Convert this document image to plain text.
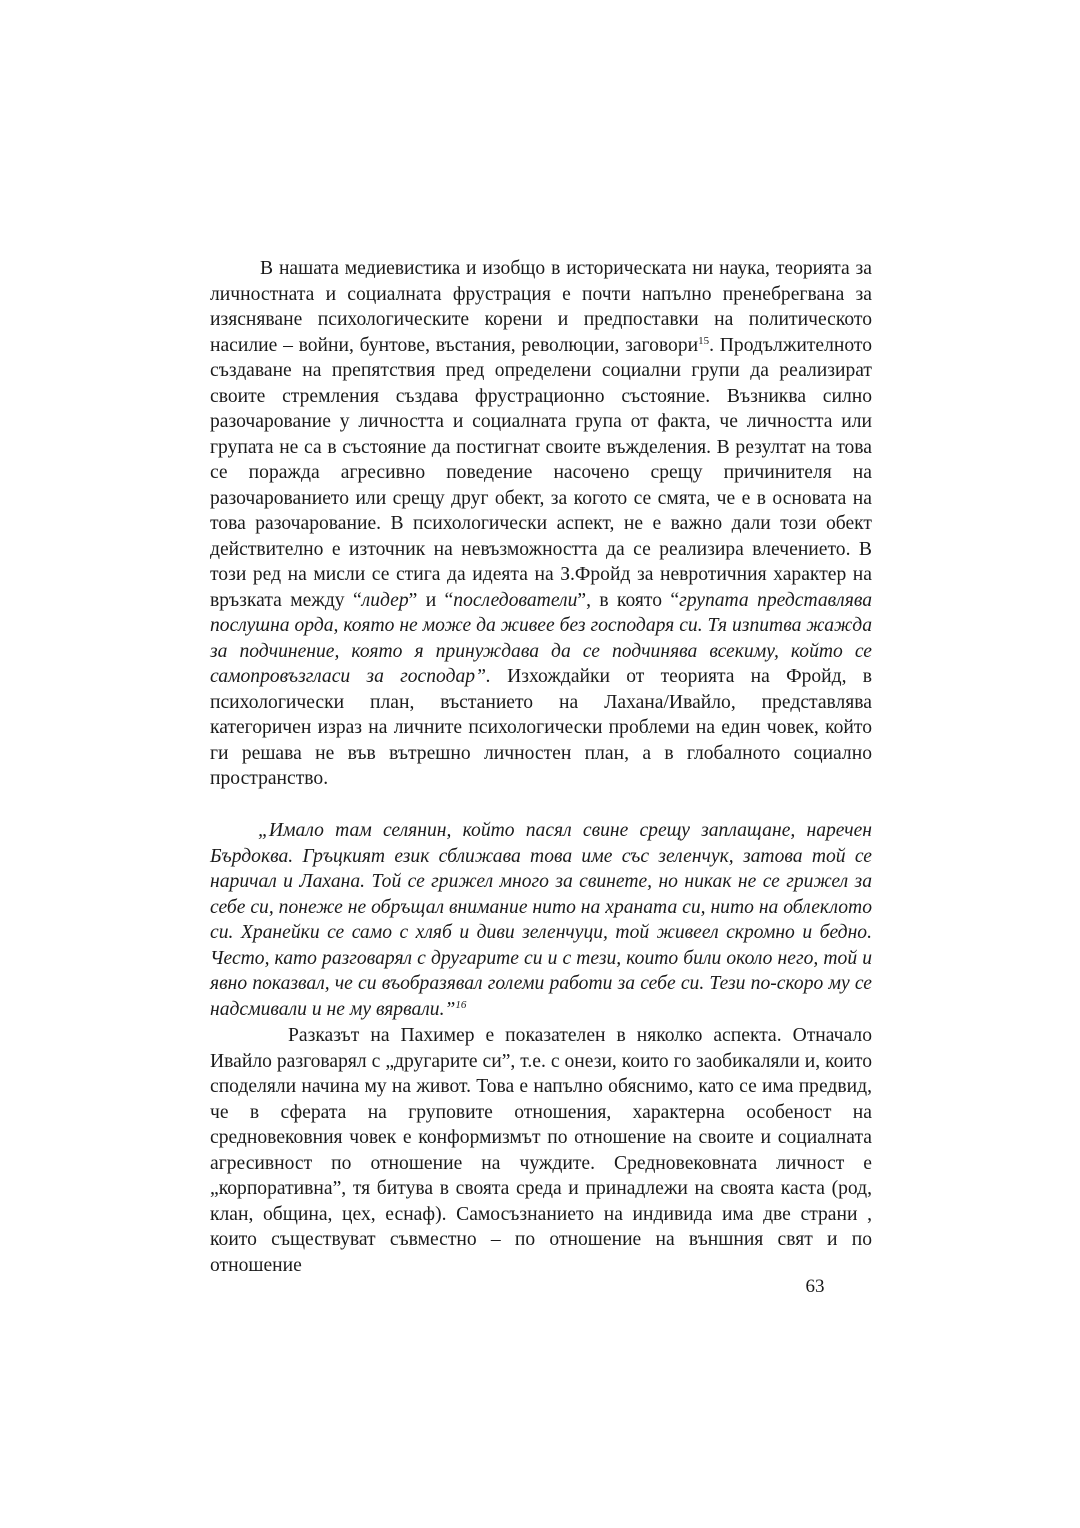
В нашата медиевистика и изобщо в историческата ни наука, теорията за личностната и социалната фрустрация е почти напълно пренебрегвана за изясняване психологическите корени и предпоставки на политическото насилие – войни, бунтове, въстания, революции, заговори$^{15}$. Продължителното създаване на препятствия пред определени социални групи да реализират своите стремления създава фрустрационно състояние. Възниква силно разочарование у личността и социалната група от факта, че личността или групата не са в състояние да постигнат своите въжделения. В резултат на това се поражда агресивно поведение насочено срещу причинителя на разочарованието или срещу друг обект, за когото се смята, че е в основата на това разочарование. В психологически аспект, не е важно дали този обект действително е източник на невъзможността да се реализира влечението. В този ред на мисли се стига да идеята на З.Фройд за невротичния характер на връзката между “лидер” и “последователи”, в която “групата представлява послушна орда, която не може да живее без господаря си. Тя изпитва жажда за подчинение, която я принуждава да се подчинява всекиму, който се самопровъзгласи за господар”. Изхождайки от теорията на Фройд, в психологически план, въстанието на Лахана/Ивайло, представлява категоричен израз на личните психологически проблеми на един човек, който ги решава не във вътрешно личностен план, а в глобалното социално пространство.

„Имало там селянин, който пасял свине срещу заплащане, наречен Бърдоква. Гръцкият език сближава това име със зеленчук, затова той се наричал и Лахана. Той се грижел много за свинете, но никак не се грижел за себе си, понеже не обръщал внимание нито на храната си, нито на облеклото си. Хранейки се само с хляб и диви зеленчуци, той живеел скромно и бедно. Често, като разговарял с другарите си и с тези, които били около него, той и явно показвал, че си въобразявал големи работи за себе си. Тези по-скоро му се надсмивали и не му вярвали.”$^{16}$

Разказът на Пахимер е показателен в няколко аспекта. Отначало Ивайло разговарял с „другарите си”, т.е. с онези, които го заобикаляли и, които споделяли начина му на живот. Това е напълно обяснимо, като се има предвид, че в сферата на груповите отношения, характерна особеност на средновековния човек е конформизмът по отношение на своите и социалната агресивност по отношение на чуждите. Средновековната личност е „корпоративна”, тя битува в своята среда и принадлежи на своята каста (род, клан, община, цех, еснаф). Самосъзнанието на индивида има две страни , които съществуват съвместно – по отношение на външния свят и по отношение

63
